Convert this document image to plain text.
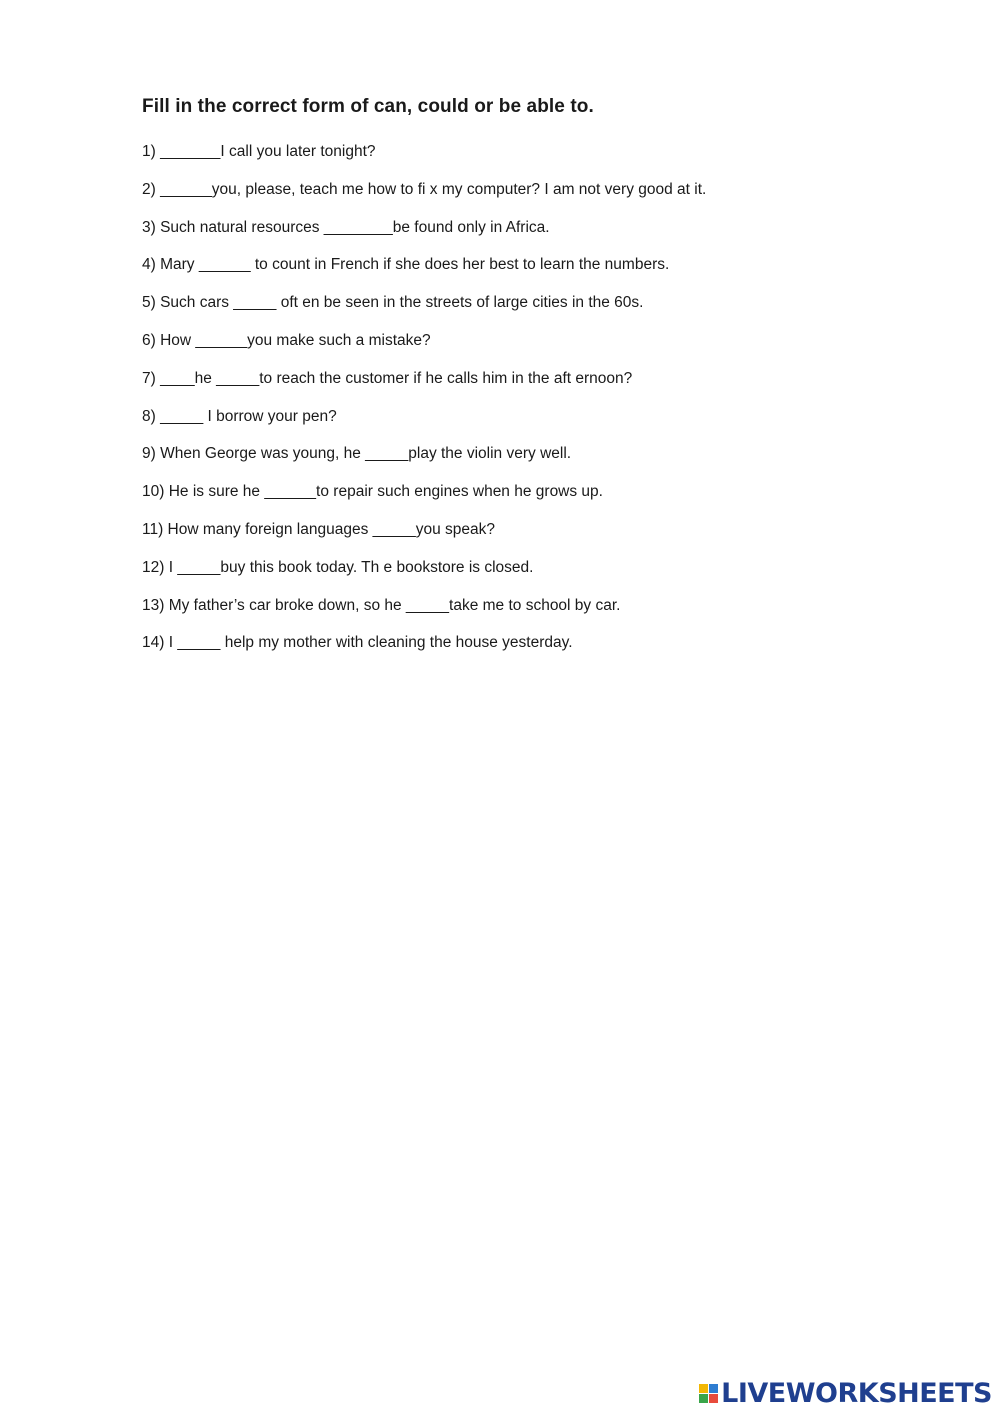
Fill in the correct form of can, could or be able to.
1) _______I call you later tonight?
2) ______you, please, teach me how to fi x my computer? I am not very good at it.
3) Such natural resources ________be found only in Africa.
4) Mary ______ to count in French if she does her best to learn the numbers.
5) Such cars _____ oft en be seen in the streets of large cities in the 60s.
6) How ______you make such a mistake?
7) ____he _____to reach the customer if he calls him in the aft ernoon?
8) _____ I borrow your pen?
9) When George was young, he _____play the violin very well.
10) He is sure he ______to repair such engines when he grows up.
11) How many foreign languages _____you speak?
12) I _____buy this book today. Th e bookstore is closed.
13) My father’s car broke down, so he _____take me to school by car.
14) I _____ help my mother with cleaning the house yesterday.
LIVEWORKSHEETS
